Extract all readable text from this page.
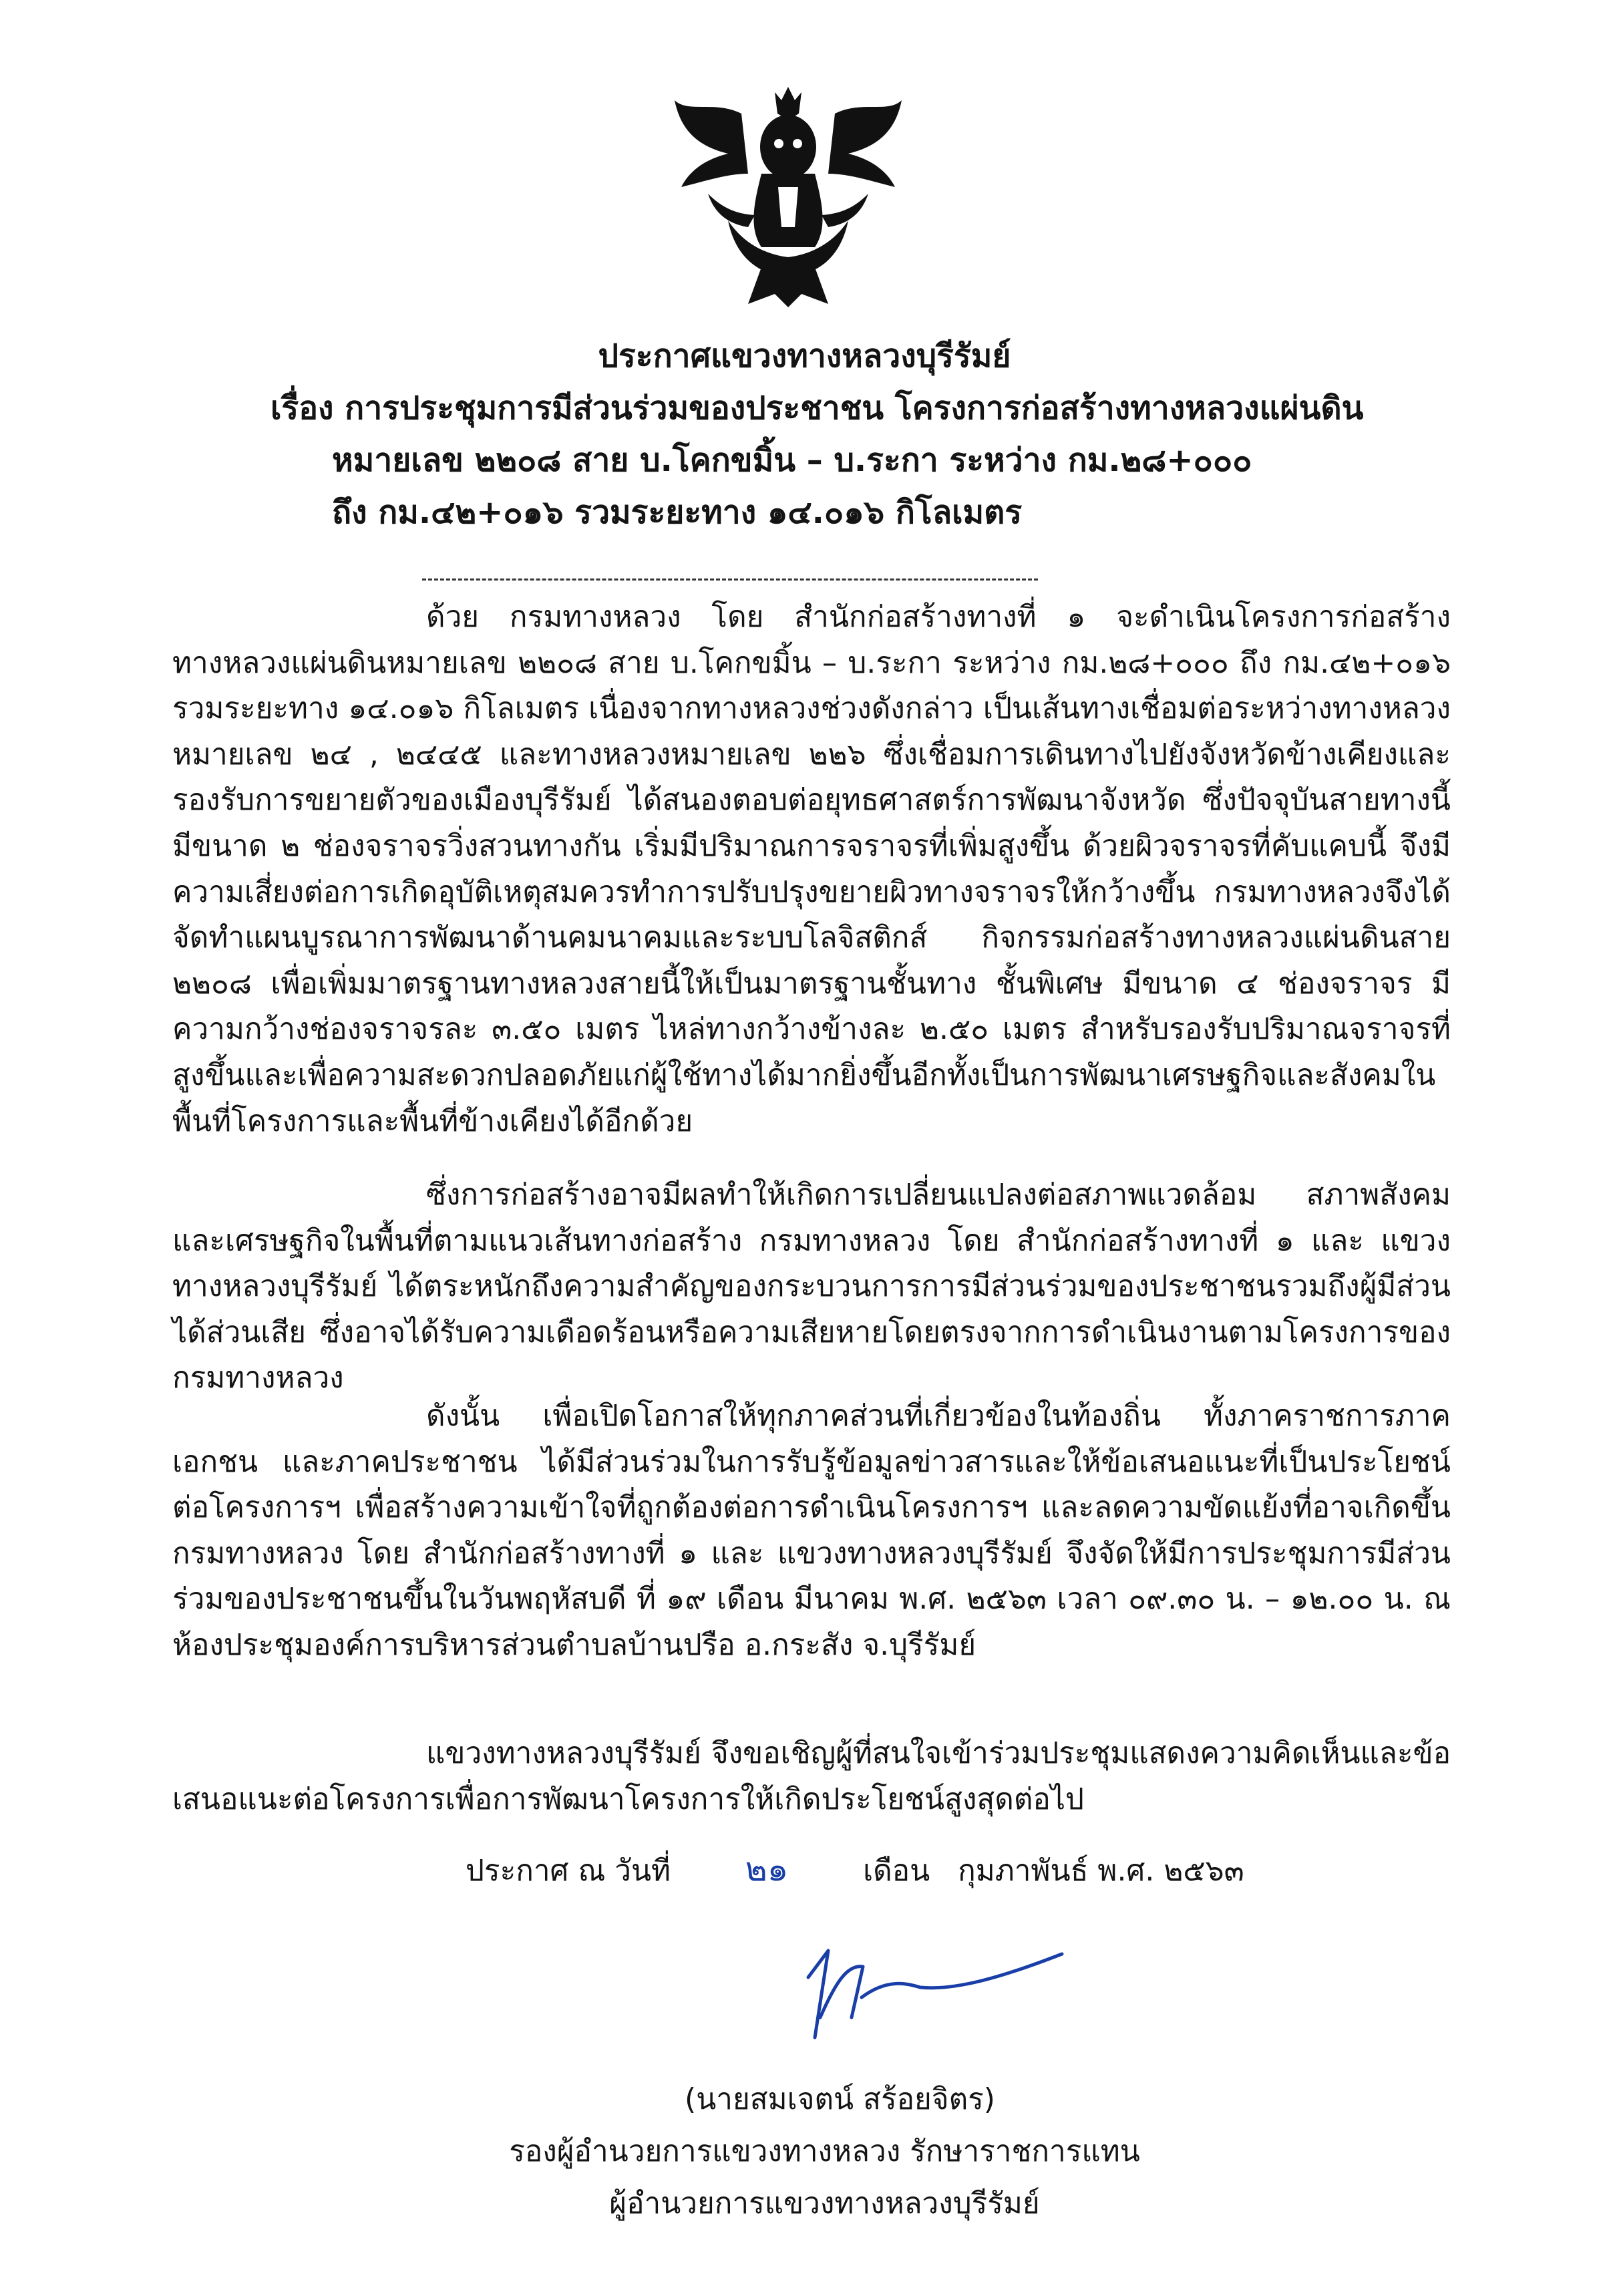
ประกาศแขวงทางหลวงบุรีรัมย์
เรื่อง การประชุมการมีส่วนร่วมของประชาชน โครงการก่อสร้างทางหลวงแผ่นดิน
หมายเลข ๒๒๐๘ สาย บ.โคกขมิ้น – บ.ระกา ระหว่าง กม.๒๘+๐๐๐
ถึง กม.๔๒+๐๑๖ รวมระยะทาง ๑๔.๐๑๖ กิโลเมตร

ด้วย กรมทางหลวง โดย สำนักก่อสร้างทางที่ ๑ จะดำเนินโครงการก่อสร้างทางหลวงแผ่นดินหมายเลข ๒๒๐๘ สาย บ.โคกขมิ้น – บ.ระกา ระหว่าง กม.๒๘+๐๐๐ ถึง กม.๔๒+๐๑๖ รวมระยะทาง ๑๔.๐๑๖ กิโลเมตร เนื่องจากทางหลวงช่วงดังกล่าว เป็นเส้นทางเชื่อมต่อระหว่างทางหลวงหมายเลข ๒๔ , ๒๔๔๕ และทางหลวงหมายเลข ๒๒๖ ซึ่งเชื่อมการเดินทางไปยังจังหวัดข้างเคียงและรองรับการขยายตัวของเมืองบุรีรัมย์ ได้สนองตอบต่อยุทธศาสตร์การพัฒนาจังหวัด ซึ่งปัจจุบันสายทางนี้มีขนาด ๒ ช่องจราจรวิ่งสวนทางกัน เริ่มมีปริมาณการจราจรที่เพิ่มสูงขึ้น ด้วยผิวจราจรที่คับแคบนี้ จึงมีความเสี่ยงต่อการเกิดอุบัติเหตุสมควรทำการปรับปรุงขยายผิวทางจราจรให้กว้างขึ้น กรมทางหลวงจึงได้จัดทำแผนบูรณาการพัฒนาด้านคมนาคมและระบบโลจิสติกส์ กิจกรรมก่อสร้างทางหลวงแผ่นดินสาย ๒๒๐๘ เพื่อเพิ่มมาตรฐานทางหลวงสายนี้ให้เป็นมาตรฐานชั้นทาง ชั้นพิเศษ มีขนาด ๔ ช่องจราจร มีความกว้างช่องจราจรละ ๓.๕๐ เมตร ไหล่ทางกว้างข้างละ ๒.๕๐ เมตร สำหรับรองรับปริมาณจราจรที่สูงขึ้นและเพื่อความสะดวกปลอดภัยแก่ผู้ใช้ทางได้มากยิ่งขึ้นอีกทั้งเป็นการพัฒนาเศรษฐกิจและสังคมในพื้นที่โครงการและพื้นที่ข้างเคียงได้อีกด้วย

ซึ่งการก่อสร้างอาจมีผลทำให้เกิดการเปลี่ยนแปลงต่อสภาพแวดล้อม สภาพสังคมและเศรษฐกิจในพื้นที่ตามแนวเส้นทางก่อสร้าง กรมทางหลวง โดย สำนักก่อสร้างทางที่ ๑ และ แขวงทางหลวงบุรีรัมย์ ได้ตระหนักถึงความสำคัญของกระบวนการการมีส่วนร่วมของประชาชนรวมถึงผู้มีส่วนได้ส่วนเสีย ซึ่งอาจได้รับความเดือดร้อนหรือความเสียหายโดยตรงจากการดำเนินงานตามโครงการของกรมทางหลวง

ดังนั้น เพื่อเปิดโอกาสให้ทุกภาคส่วนที่เกี่ยวข้องในท้องถิ่น ทั้งภาคราชการภาคเอกชน และภาคประชาชน ได้มีส่วนร่วมในการรับรู้ข้อมูลข่าวสารและให้ข้อเสนอแนะที่เป็นประโยชน์ต่อโครงการฯ เพื่อสร้างความเข้าใจที่ถูกต้องต่อการดำเนินโครงการฯ และลดความขัดแย้งที่อาจเกิดขึ้น กรมทางหลวง โดย สำนักก่อสร้างทางที่ ๑ และ แขวงทางหลวงบุรีรัมย์ จึงจัดให้มีการประชุมการมีส่วนร่วมของประชาชนขึ้นในวันพฤหัสบดี ที่ ๑๙ เดือน มีนาคม พ.ศ. ๒๕๖๓ เวลา ๐๙.๓๐ น. – ๑๒.๐๐ น. ณ ห้องประชุมองค์การบริหารส่วนตำบลบ้านปรือ อ.กระสัง จ.บุรีรัมย์

แขวงทางหลวงบุรีรัมย์ จึงขอเชิญผู้ที่สนใจเข้าร่วมประชุมแสดงความคิดเห็นและข้อเสนอแนะต่อโครงการเพื่อการพัฒนาโครงการให้เกิดประโยชน์สูงสุดต่อไป

ประกาศ ณ วันที่ ๒๑	เดือน กุมภาพันธ์ พ.ศ. ๒๕๖๓
(นายสมเจตน์ สร้อยจิตร)
รองผู้อำนวยการแขวงทางหลวง รักษาราชการแทน
ผู้อำนวยการแขวงทางหลวงบุรีรัมย์
